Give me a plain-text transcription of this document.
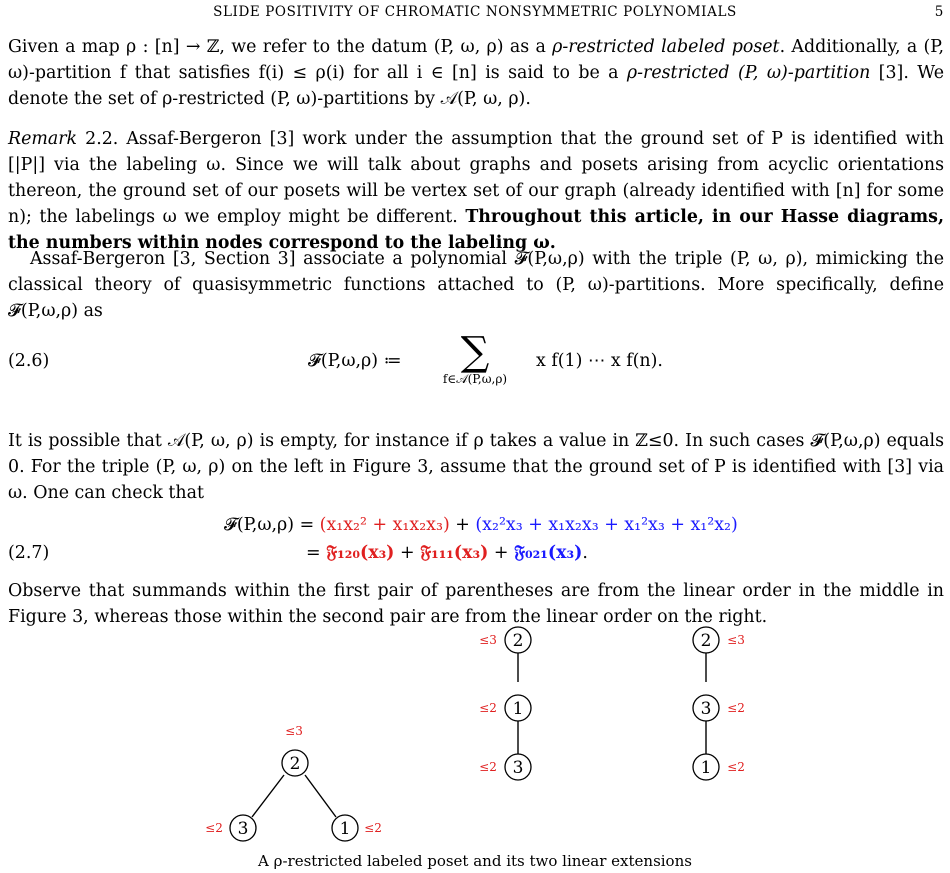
SLIDE POSITIVITY OF CHROMATIC NONSYMMETRIC POLYNOMIALS	5

Given a map ρ : [n] → ℤ, we refer to the datum (P, ω, ρ) as a ρ-restricted labeled poset. Additionally, a (P, ω)-partition f that satisfies f(i) ≤ ρ(i) for all i ∈ [n] is said to be a ρ-restricted (P, ω)-partition [3]. We denote the set of ρ-restricted (P, ω)-partitions by 𝒜(P, ω, ρ).

Remark 2.2. Assaf-Bergeron [3] work under the assumption that the ground set of P is identified with [|P|] via the labeling ω. Since we will talk about graphs and posets arising from acyclic orientations thereon, the ground set of our posets will be vertex set of our graph (already identified with [n] for some n); the labelings ω we employ might be different. Throughout this article, in our Hasse diagrams, the numbers within nodes correspond to the labeling ω.

Assaf-Bergeron [3, Section 3] associate a polynomial 𝓕(P,ω,ρ) with the triple (P, ω, ρ), mimicking the classical theory of quasisymmetric functions attached to (P, ω)-partitions. More specifically, define 𝓕(P,ω,ρ) as

(2.6)	𝓕(P,ω,ρ) ≔	∑
f∈𝒜(P,ω,ρ)
x f(1) ⋯ x f(n).

It is possible that 𝒜(P, ω, ρ) is empty, for instance if ρ takes a value in ℤ≤0. In such cases 𝓕(P,ω,ρ) equals 0. For the triple (P, ω, ρ) on the left in Figure 3, assume that the ground set of P is identified with [3] via ω. One can check that

𝓕(P,ω,ρ) = (x₁x₂² + x₁x₂x₃) + (x₂²x₃ + x₁x₂x₃ + x₁²x₃ + x₁²x₂)
(2.7)	= 𝔉₁₂₀(x₃) + 𝔉₁₁₁(x₃) + 𝔉₀₂₁(x₃).

Observe that summands within the first pair of parentheses are from the linear order in the middle in Figure 3, whereas those within the second pair are from the linear order on the right.

2
3	1
≤3
≤2	≤2
2
1
3
≤3
≤2
≤2
2
3
1
≤3
≤2
≤2
A ρ-restricted labeled poset and its two linear extensions
